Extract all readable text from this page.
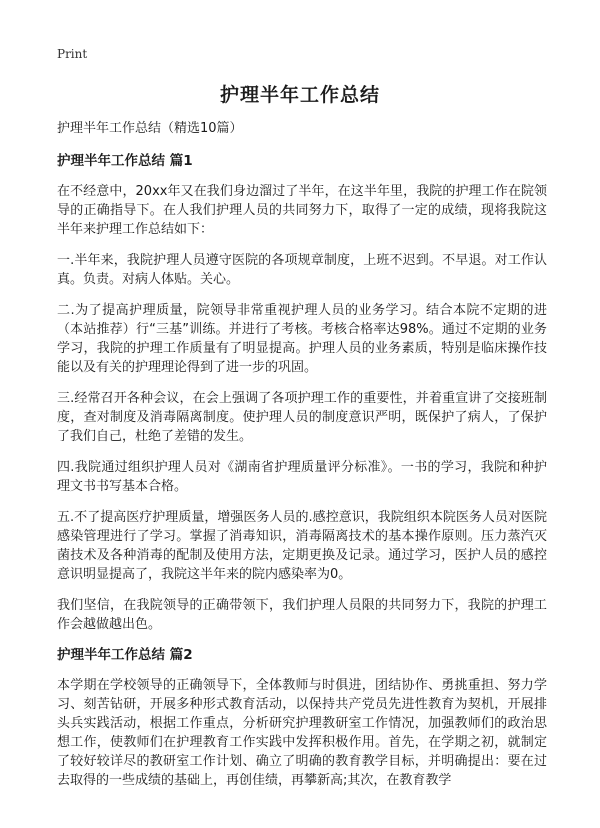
Print
护理半年工作总结

护理半年工作总结（精选10篇）

护理半年工作总结 篇1

在不经意中，20xx年又在我们身边溜过了半年，在这半年里，我院的护理工作在院领导的正确指导下。在人我们护理人员的共同努力下，取得了一定的成绩，现将我院这半年来护理工作总结如下：

一.半年来，我院护理人员遵守医院的各项规章制度，上班不迟到。不早退。对工作认真。负责。对病人体贴。关心。

二.为了提高护理质量，院领导非常重视护理人员的业务学习。结合本院不定期的进（本站推荐）行“三基”训练。并进行了考核。考核合格率达98%。通过不定期的业务学习，我院的护理工作质量有了明显提高。护理人员的业务素质，特别是临床操作技能以及有关的护理理论得到了进一步的巩固。

三.经常召开各种会议，在会上强调了各项护理工作的重要性，并着重宣讲了交接班制度，查对制度及消毒隔离制度。使护理人员的制度意识严明，既保护了病人，了保护了我们自己，杜绝了差错的发生。

四.我院通过组织护理人员对《湖南省护理质量评分标准》。一书的学习，我院和种护理文书书写基本合格。

五.不了提高医疗护理质量，增强医务人员的.感控意识，我院组织本院医务人员对医院感染管理进行了学习。掌握了消毒知识，消毒隔离技术的基本操作原则。压力蒸汽灭菌技术及各种消毒的配制及使用方法，定期更换及记录。通过学习，医护人员的感控意识明显提高了，我院这半年来的院内感染率为0。

我们坚信，在我院领导的正确带领下，我们护理人员限的共同努力下，我院的护理工作会越做越出色。

护理半年工作总结 篇2

本学期在学校领导的正确领导下，全体教师与时俱进，团结协作、勇挑重担、努力学习、刻苦钻研，开展多种形式教育活动，以保持共产党员先进性教育为契机，开展排头兵实践活动，根据工作重点，分析研究护理教研室工作情况，加强教师们的政治思想工作，使教师们在护理教育工作实践中发挥积极作用。首先，在学期之初，就制定了较好较详尽的教研室工作计划、确立了明确的教育教学目标，并明确提出：要在过去取得的一些成绩的基础上，再创佳绩，再攀新高;其次，在教育教学
